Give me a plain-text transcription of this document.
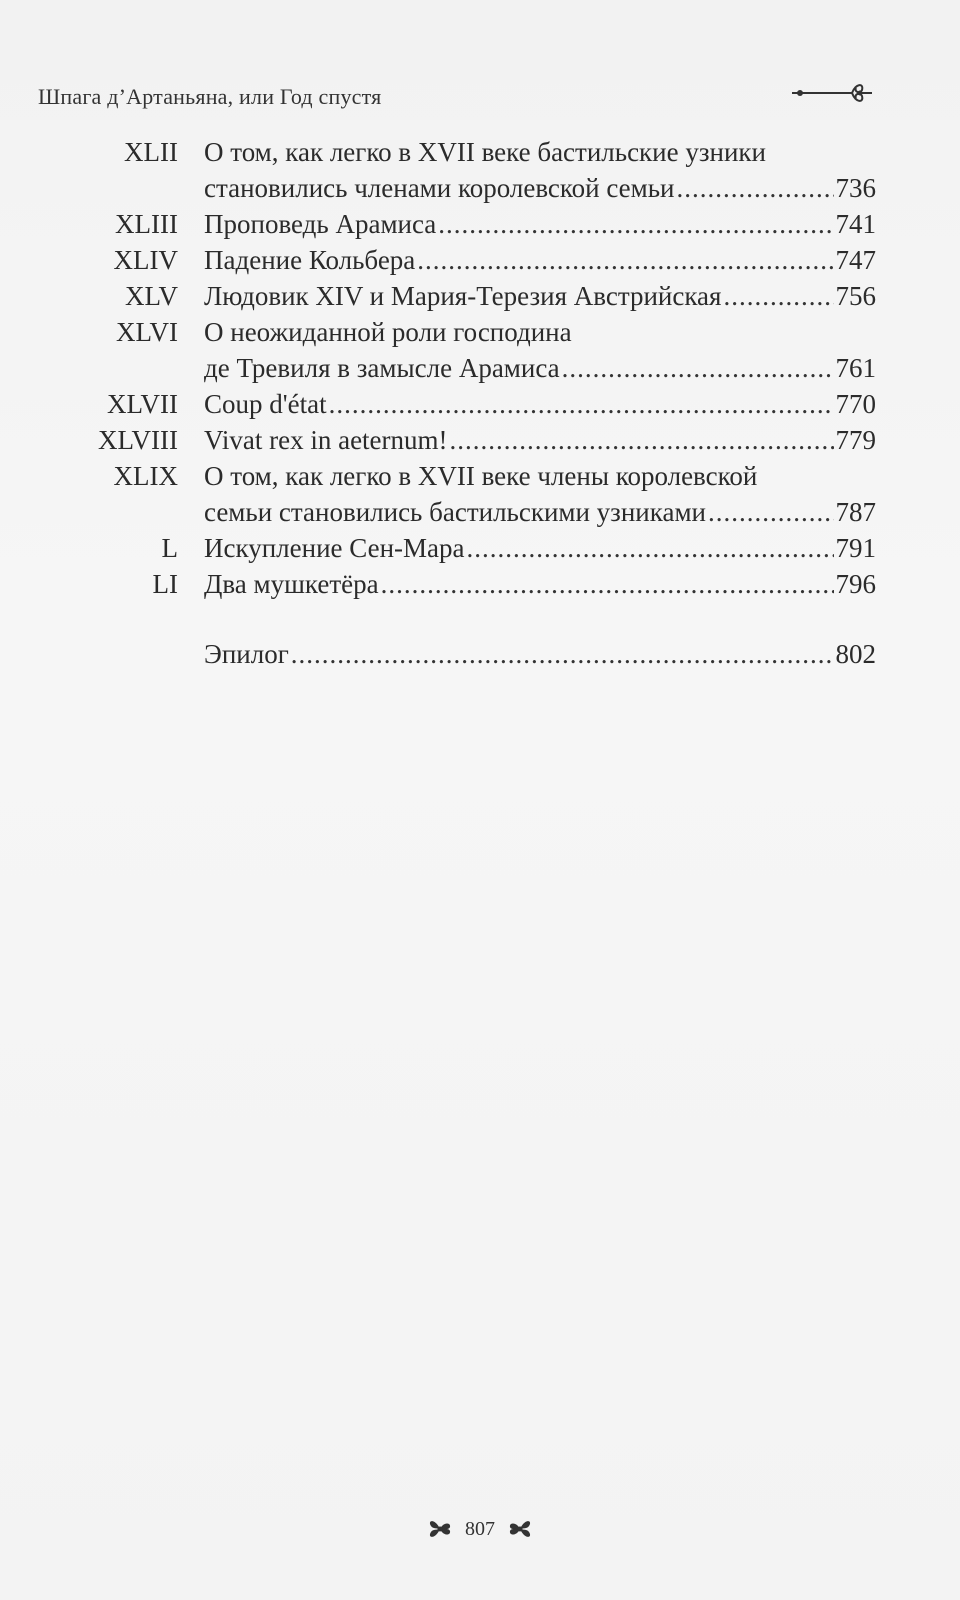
Шпага д’Артаньяна, или Год спустя
XLII О том, как легко в XVII веке бастильские узники
становились членами королевской семьи .....	736
XLIII Проповедь Арамиса .....	741
XLIV Падение Кольбера .....	747
XLV Людовик XIV и Мария-Терезия Австрийская .....	756
XLVI О неожиданной роли господина
де Тревиля в замысле Арамиса .....	761
XLVII Coup d'état .....	770
XLVIII Vivat rex in aeternum! .....	779
XLIX О том, как легко в XVII веке члены королевской
семьи становились бастильскими узниками .....	787
L Искупление Сен-Мара .....	791
LI Два мушкетёра .....	796
Эпилог .....	802
807
